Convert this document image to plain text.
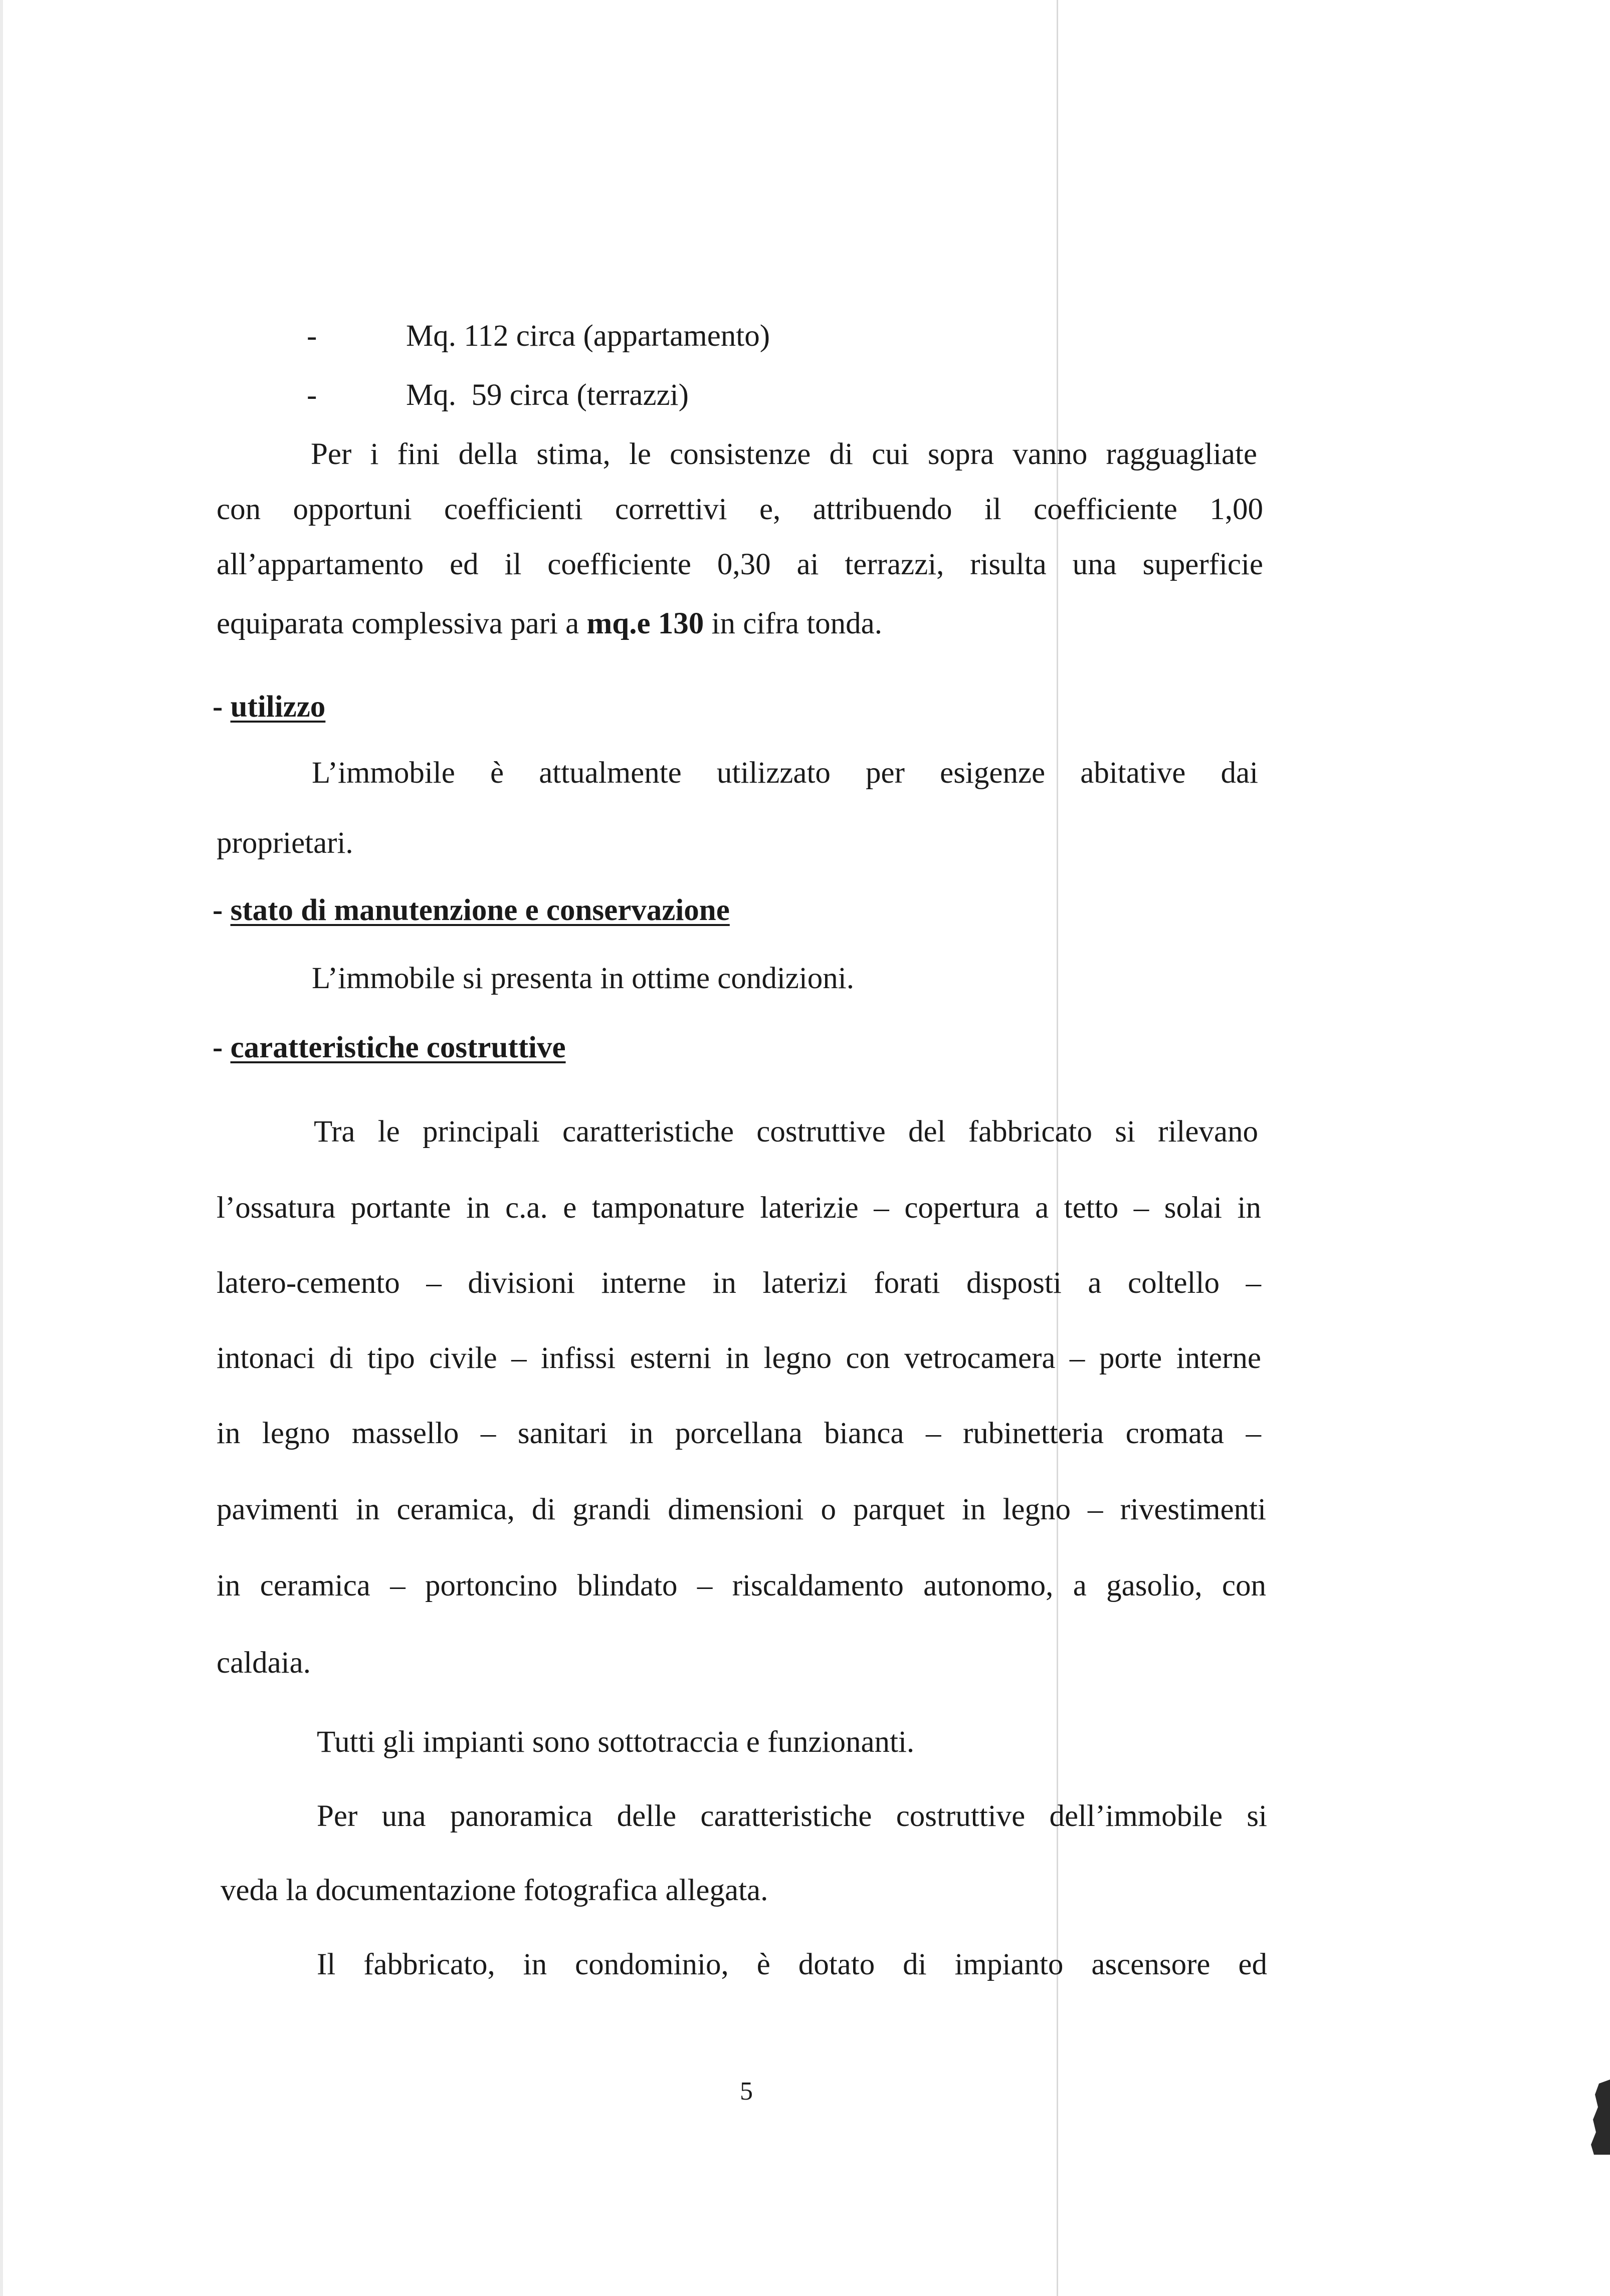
-	Mq. 112 circa (appartamento)
-	Mq.  59 circa (terrazzi)
Per i fini della stima, le consistenze di cui sopra vanno ragguagliate
con opportuni coefficienti correttivi e, attribuendo il coefficiente 1,00
all’appartamento ed il coefficiente 0,30 ai terrazzi, risulta una superficie
equiparata complessiva pari a mq.e 130 in cifra tonda.
- utilizzo
L’immobile è attualmente utilizzato per esigenze abitative dai
proprietari.
- stato di manutenzione e conservazione
L’immobile si presenta in ottime condizioni.
- caratteristiche costruttive
Tra le principali caratteristiche costruttive del fabbricato si rilevano
l’ossatura portante in c.a. e tamponature laterizie – copertura a tetto – solai in
latero-cemento – divisioni interne in laterizi forati disposti a coltello –
intonaci di tipo civile – infissi esterni in legno con vetrocamera – porte interne
in legno massello – sanitari in porcellana bianca – rubinetteria cromata –
pavimenti in ceramica, di grandi dimensioni o parquet in legno – rivestimenti
in ceramica – portoncino blindato – riscaldamento autonomo, a gasolio, con
caldaia.
Tutti gli impianti sono sottotraccia e funzionanti.
Per una panoramica delle caratteristiche costruttive dell’immobile si
veda la documentazione fotografica allegata.
Il fabbricato, in condominio, è dotato di impianto ascensore ed
5
